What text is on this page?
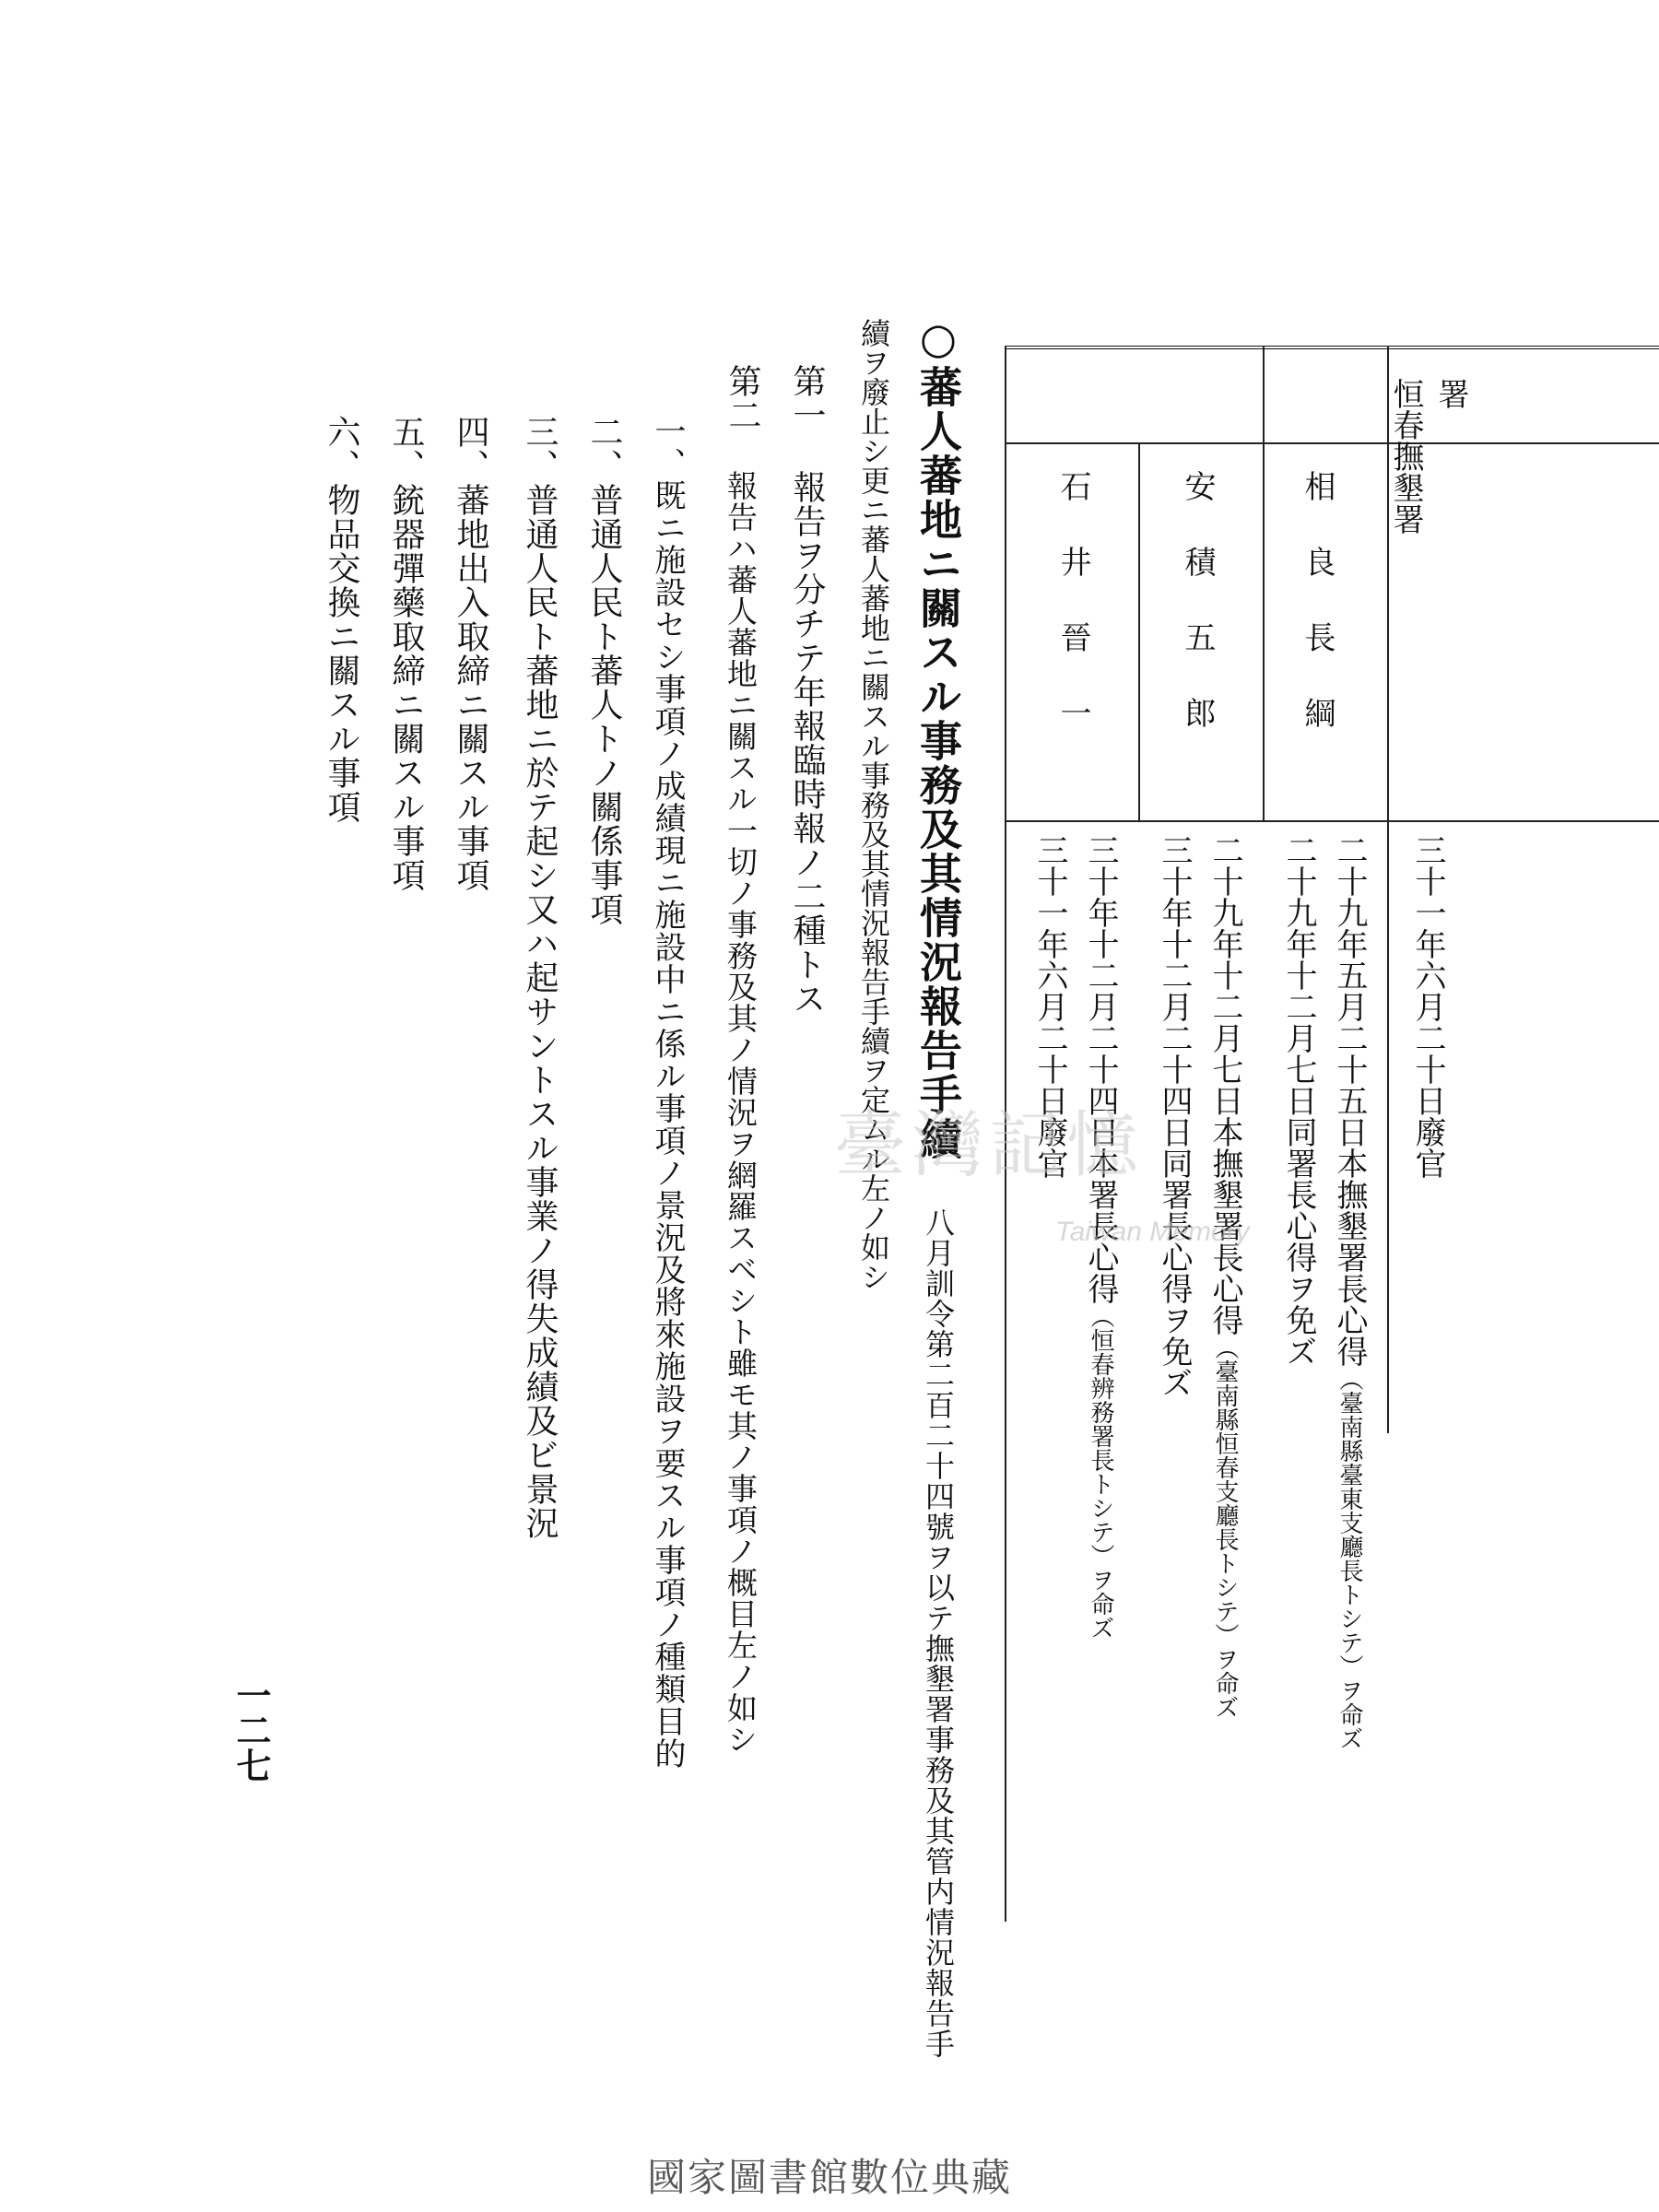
署
恒春撫墾署
相良長綱
安積五郎
石井晉一
三十一年六月二十日廢官
二十九年五月二十五日本撫墾署長心得（臺南縣臺東支廳長トシテ）ヲ命ズ
二十九年十二月七日同署長心得ヲ免ズ
二十九年十二月七日本撫墾署長心得（臺南縣恒春支廳長トシテ）ヲ命ズ
三十年十二月二十四日同署長心得ヲ免ズ
三十年十二月二十四日本署長心得（恒春辨務署長トシテ）ヲ命ズ
三十一年六月二十日廢官
○蕃人蕃地ニ關スル事務及其情況報告手續
八月訓令第二百二十四號ヲ以テ撫墾署事務及其管内情況報告手
續ヲ廢止シ更ニ蕃人蕃地ニ關スル事務及其情況報告手續ヲ定ムル左ノ如シ
第一
報告ヲ分チテ年報臨時報ノ二種トス
第二
報告ハ蕃人蕃地ニ關スル一切ノ事務及其ノ情況ヲ網羅スベシト雖モ其ノ事項ノ概目左ノ如シ
一、既ニ施設セシ事項ノ成績現ニ施設中ニ係ル事項ノ景況及將來施設ヲ要スル事項ノ種類目的
二、普通人民ト蕃人トノ關係事項
三、普通人民ト蕃地ニ於テ起シ又ハ起サントスル事業ノ得失成績及ビ景況
四、蕃地出入取締ニ關スル事項
五、銃器彈藥取締ニ關スル事項
六、物品交換ニ關スル事項
一二七
臺灣記憶
Taiwan Memory
國家圖書館數位典藏
